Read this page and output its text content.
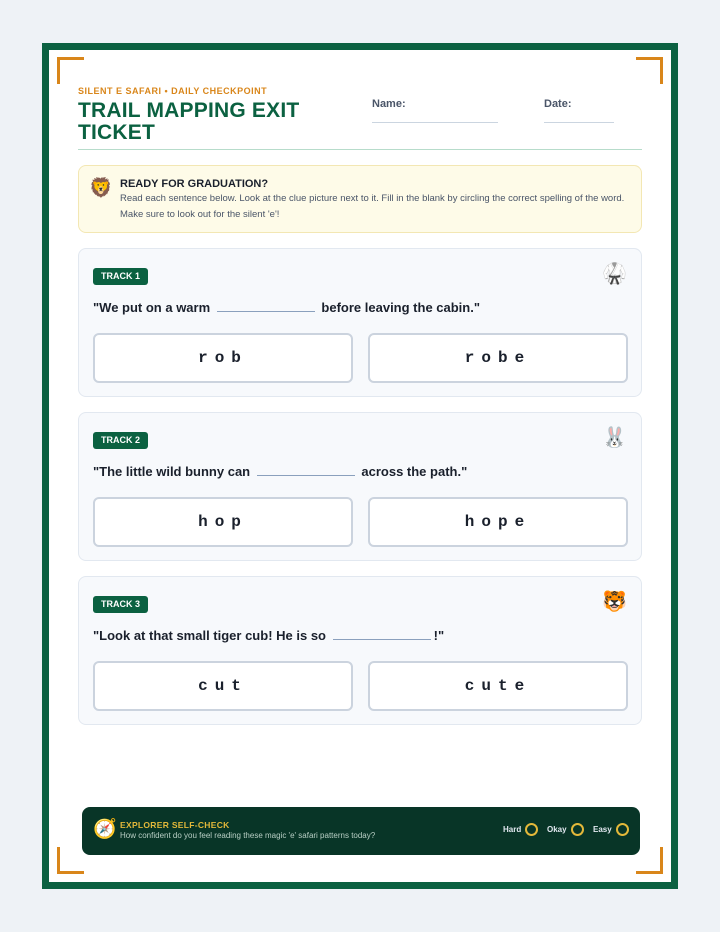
SILENT E SAFARI • DAILY CHECKPOINT
TRAIL MAPPING EXIT TICKET
Name:	Date:
🦁 READY FOR GRADUATION?
Read each sentence below. Look at the clue picture next to it. Fill in the blank by circling the correct spelling of the word. Make sure to look out for the silent 'e'!
TRACK 1	🥋
"We put on a warm	before leaving the cabin."
rob	robe
TRACK 2	🐰
"The little wild bunny can	across the path."
hop	hope
TRACK 3	🐯
"Look at that small tiger cub! He is so	!"
cut	cute
🧭 EXPLORER SELF-CHECK
How confident do you feel reading these magic 'e' safari patterns today?
Hard	Okay	Easy
